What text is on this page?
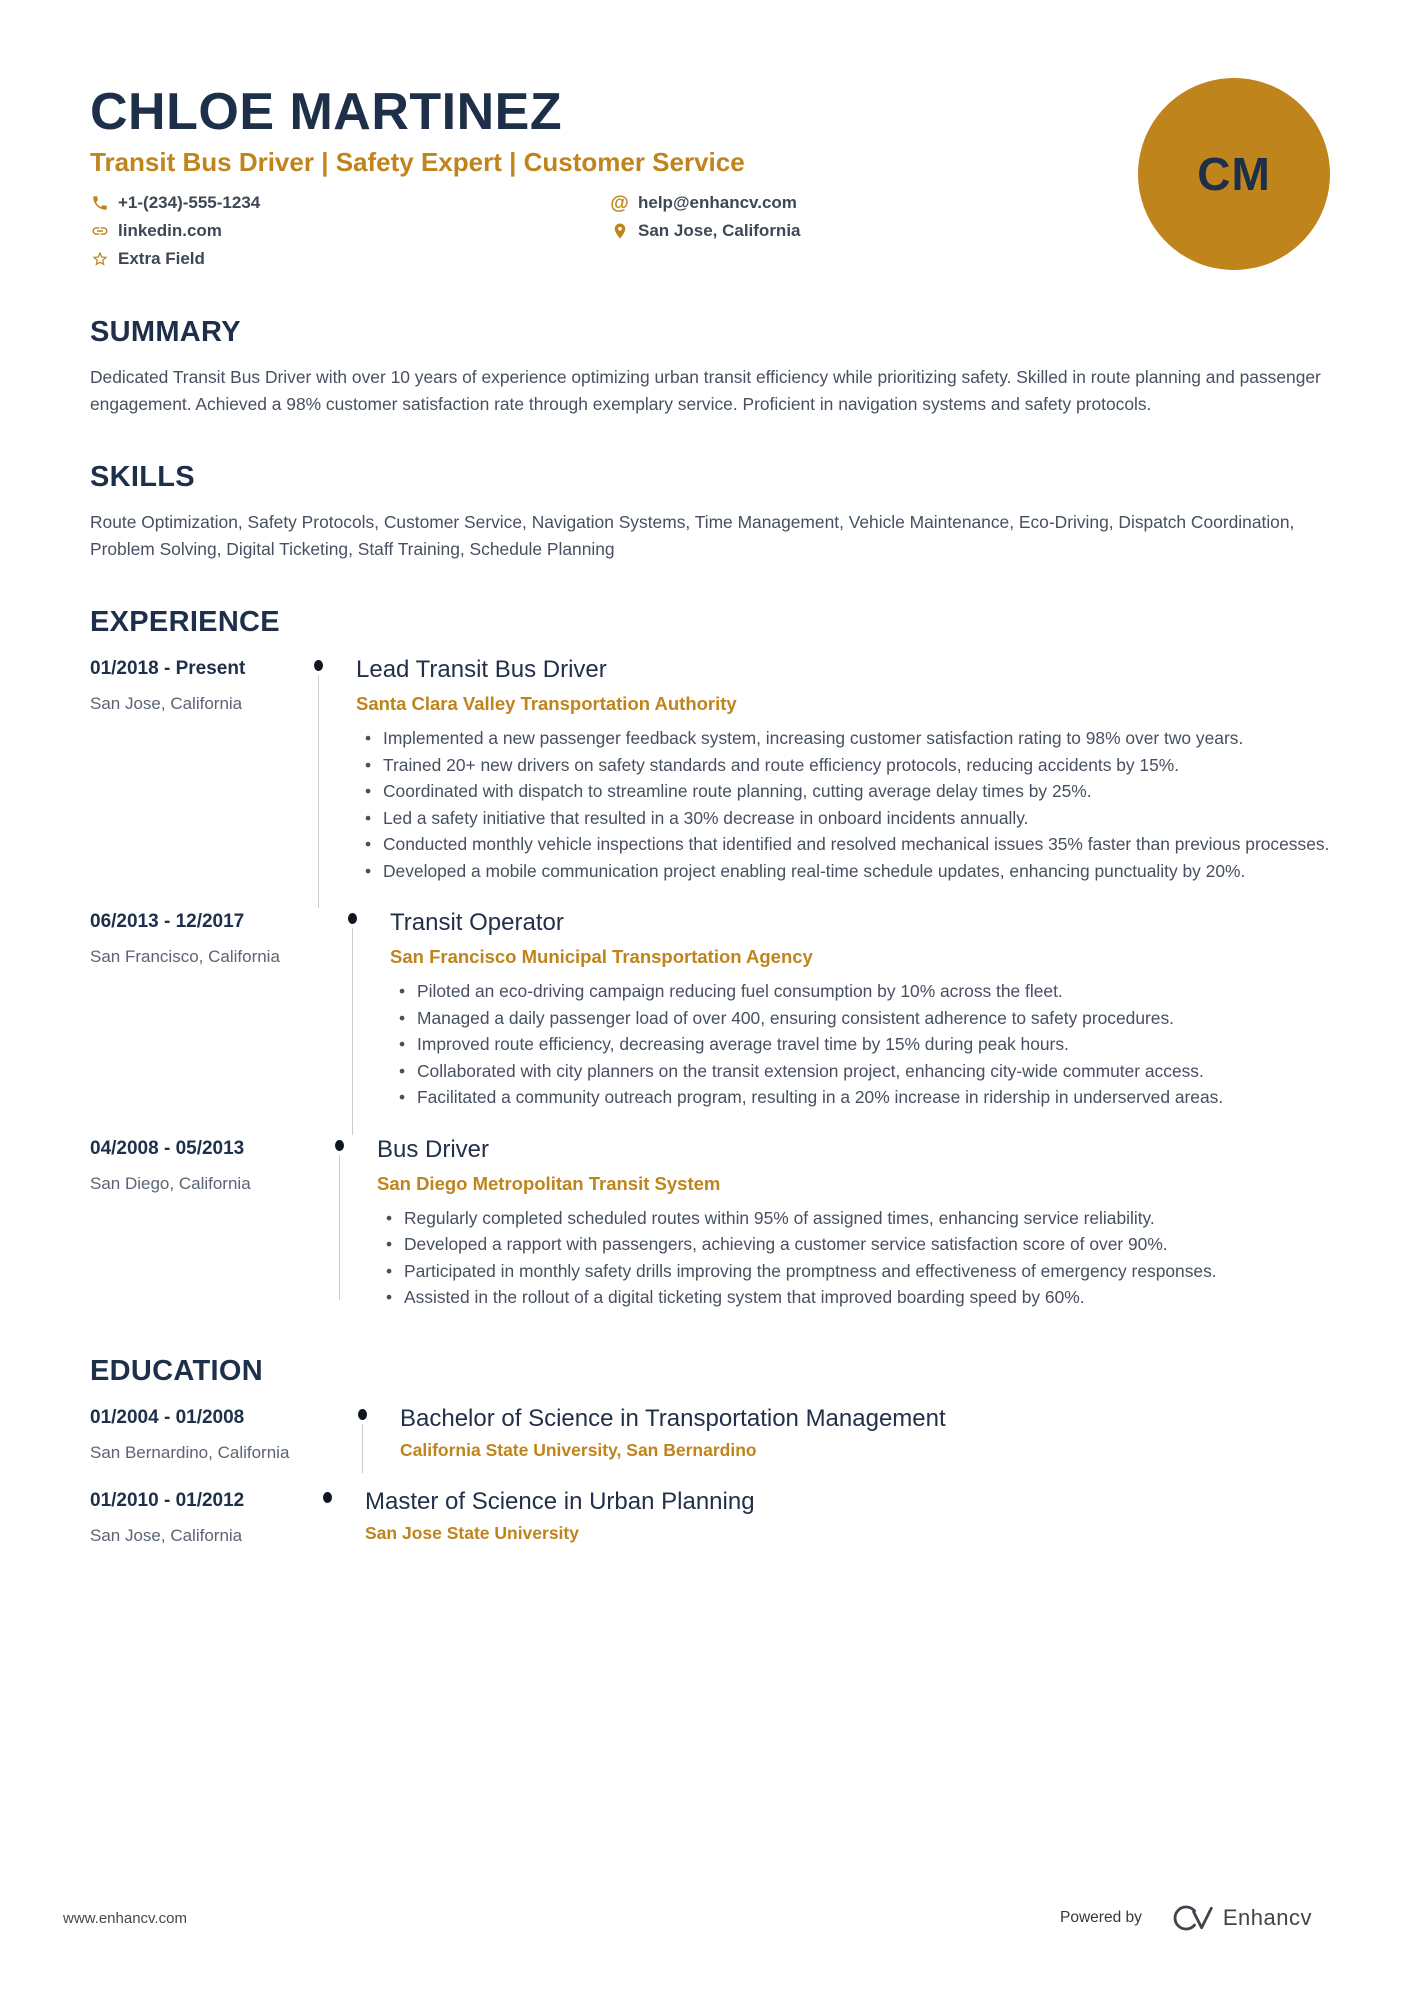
CHLOE MARTINEZ
Transit Bus Driver | Safety Expert | Customer Service
+1-(234)-555-1234
linkedin.com
Extra Field
@ help@enhancv.com
San Jose, California
CM
SUMMARY

Dedicated Transit Bus Driver with over 10 years of experience optimizing urban transit efficiency while prioritizing safety. Skilled in route planning and passenger engagement. Achieved a 98% customer satisfaction rate through exemplary service. Proficient in navigation systems and safety protocols.

SKILLS

Route Optimization, Safety Protocols, Customer Service, Navigation Systems, Time Management, Vehicle Maintenance, Eco-Driving, Dispatch Coordination, Problem Solving, Digital Ticketing, Staff Training, Schedule Planning

EXPERIENCE
01/2018 - Present
San Jose, California
Lead Transit Bus Driver
Santa Clara Valley Transportation Authority
• Implemented a new passenger feedback system, increasing customer satisfaction rating to 98% over two years.
• Trained 20+ new drivers on safety standards and route efficiency protocols, reducing accidents by 15%.
• Coordinated with dispatch to streamline route planning, cutting average delay times by 25%.
• Led a safety initiative that resulted in a 30% decrease in onboard incidents annually.
• Conducted monthly vehicle inspections that identified and resolved mechanical issues 35% faster than previous processes.
• Developed a mobile communication project enabling real-time schedule updates, enhancing punctuality by 20%.
06/2013 - 12/2017
San Francisco, California
Transit Operator
San Francisco Municipal Transportation Agency
• Piloted an eco-driving campaign reducing fuel consumption by 10% across the fleet.
• Managed a daily passenger load of over 400, ensuring consistent adherence to safety procedures.
• Improved route efficiency, decreasing average travel time by 15% during peak hours.
• Collaborated with city planners on the transit extension project, enhancing city-wide commuter access.
• Facilitated a community outreach program, resulting in a 20% increase in ridership in underserved areas.
04/2008 - 05/2013
San Diego, California
Bus Driver
San Diego Metropolitan Transit System
• Regularly completed scheduled routes within 95% of assigned times, enhancing service reliability.
• Developed a rapport with passengers, achieving a customer service satisfaction score of over 90%.
• Participated in monthly safety drills improving the promptness and effectiveness of emergency responses.
• Assisted in the rollout of a digital ticketing system that improved boarding speed by 60%.
EDUCATION
01/2004 - 01/2008
San Bernardino, California
Bachelor of Science in Transportation Management
California State University, San Bernardino
01/2010 - 01/2012
San Jose, California
Master of Science in Urban Planning
San Jose State University
www.enhancv.com	Powered by	Enhancv
